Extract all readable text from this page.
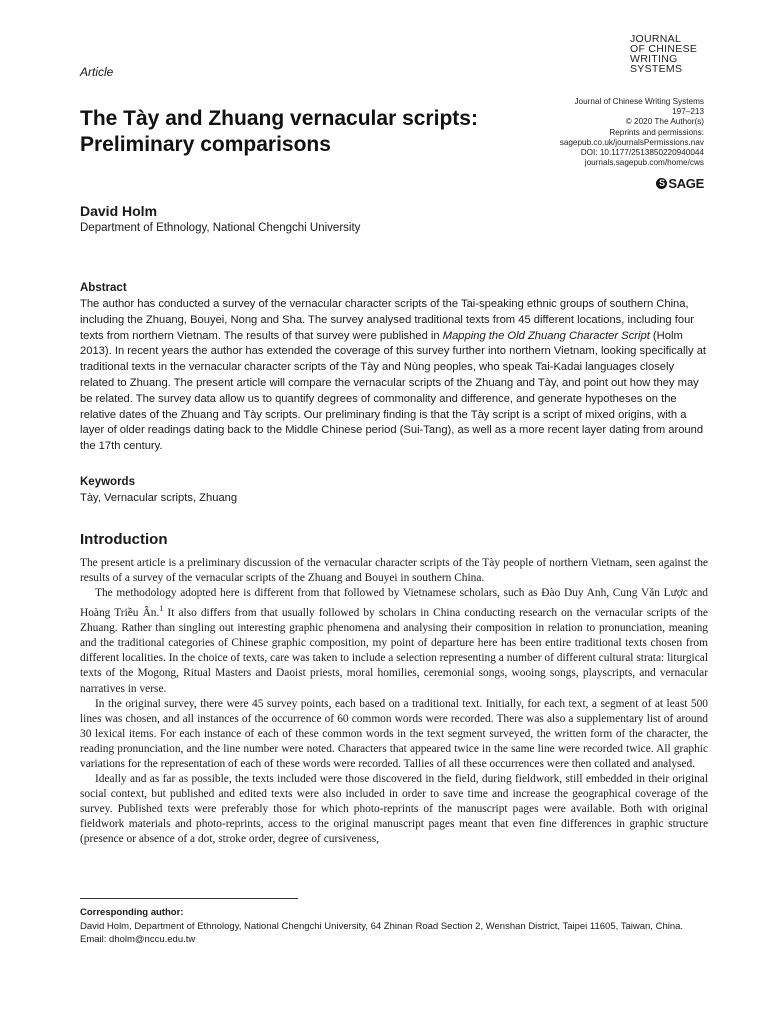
JOURNAL
OF CHINESE
WRITING
SYSTEMS
Article
Journal of Chinese Writing Systems
197–213
© 2020 The Author(s)
Reprints and permissions:
sagepub.co.uk/journalsPermissions.nav
DOI: 10.1177/2513850220940044
journals.sagepub.com/home/cws
S SAGE
The Tày and Zhuang vernacular scripts:
Preliminary comparisons
David Holm
Department of Ethnology, National Chengchi University
Abstract
The author has conducted a survey of the vernacular character scripts of the Tai-speaking ethnic groups of southern China, including the Zhuang, Bouyei, Nong and Sha. The survey analysed traditional texts from 45 different locations, including four texts from northern Vietnam. The results of that survey were published in Mapping the Old Zhuang Character Script (Holm 2013). In recent years the author has extended the coverage of this survey further into northern Vietnam, looking specifically at traditional texts in the vernacular character scripts of the Tày and Nùng peoples, who speak Tai-Kadai languages closely related to Zhuang. The present article will compare the vernacular scripts of the Zhuang and Tày, and point out how they may be related. The survey data allow us to quantify degrees of commonality and difference, and generate hypotheses on the relative dates of the Zhuang and Tày scripts. Our preliminary finding is that the Tày script is a script of mixed origins, with a layer of older readings dating back to the Middle Chinese period (Sui-Tang), as well as a more recent layer dating from around the 17th century.
Keywords
Tày, Vernacular scripts, Zhuang
Introduction

The present article is a preliminary discussion of the vernacular character scripts of the Tày people of northern Vietnam, seen against the results of a survey of the vernacular scripts of the Zhuang and Bouyei in southern China.

The methodology adopted here is different from that followed by Vietnamese scholars, such as Đào Duy Anh, Cung Văn Lược and Hoàng Triều Ân.$^1$ It also differs from that usually followed by scholars in China conducting research on the vernacular scripts of the Zhuang. Rather than singling out interesting graphic phenomena and analysing their composition in relation to pronunciation, meaning and the traditional categories of Chinese graphic composition, my point of departure here has been entire traditional texts chosen from different localities. In the choice of texts, care was taken to include a selection representing a number of different cultural strata: liturgical texts of the Mogong, Ritual Masters and Daoist priests, moral homilies, ceremonial songs, wooing songs, playscripts, and vernacular narratives in verse.

In the original survey, there were 45 survey points, each based on a traditional text. Initially, for each text, a segment of at least 500 lines was chosen, and all instances of the occurrence of 60 common words were recorded. There was also a supplementary list of around 30 lexical items. For each instance of each of these common words in the text segment surveyed, the written form of the character, the reading pronunciation, and the line number were noted. Characters that appeared twice in the same line were recorded twice. All graphic variations for the representation of each of these words were recorded. Tallies of all these occurrences were then collated and analysed.

Ideally and as far as possible, the texts included were those discovered in the field, during fieldwork, still embedded in their original social context, but published and edited texts were also included in order to save time and increase the geographical coverage of the survey. Published texts were preferably those for which photo-reprints of the manuscript pages were available. Both with original fieldwork materials and photo-reprints, access to the original manuscript pages meant that even fine differences in graphic structure (presence or absence of a dot, stroke order, degree of cursiveness,

Corresponding author:
David Holm, Department of Ethnology, National Chengchi University, 64 Zhinan Road Section 2, Wenshan District, Taipei 11605, Taiwan, China.
Email: dholm@nccu.edu.tw
